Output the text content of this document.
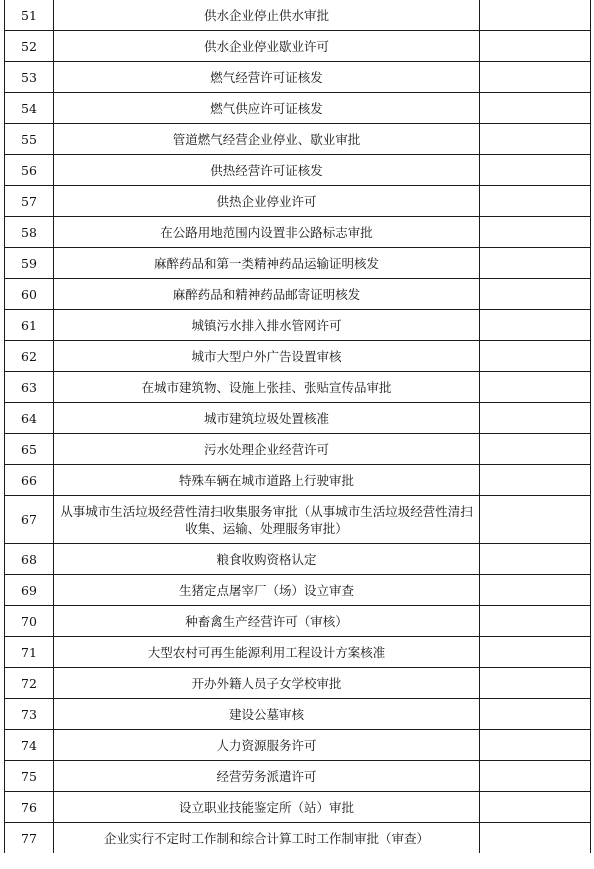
51	供水企业停止供水审批	
52	供水企业停业歇业许可	
53	燃气经营许可证核发	
54	燃气供应许可证核发	
55	管道燃气经营企业停业、歇业审批	
56	供热经营许可证核发	
57	供热企业停业许可	
58	在公路用地范围内设置非公路标志审批	
59	麻醉药品和第一类精神药品运输证明核发	
60	麻醉药品和精神药品邮寄证明核发	
61	城镇污水排入排水管网许可	
62	城市大型户外广告设置审核	
63	在城市建筑物、设施上张挂、张贴宣传品审批	
64	城市建筑垃圾处置核准	
65	污水处理企业经营许可	
66	特殊车辆在城市道路上行驶审批	
67	从事城市生活垃圾经营性清扫收集服务审批（从事城市生活垃圾经营性清扫收集、运输、处理服务审批）	
68	粮食收购资格认定	
69	生猪定点屠宰厂（场）设立审查	
70	种畜禽生产经营许可（审核）	
71	大型农村可再生能源利用工程设计方案核准	
72	开办外籍人员子女学校审批	
73	建设公墓审核	
74	人力资源服务许可	
75	经营劳务派遣许可	
76	设立职业技能鉴定所（站）审批	
77	企业实行不定时工作制和综合计算工时工作制审批（审查）	
